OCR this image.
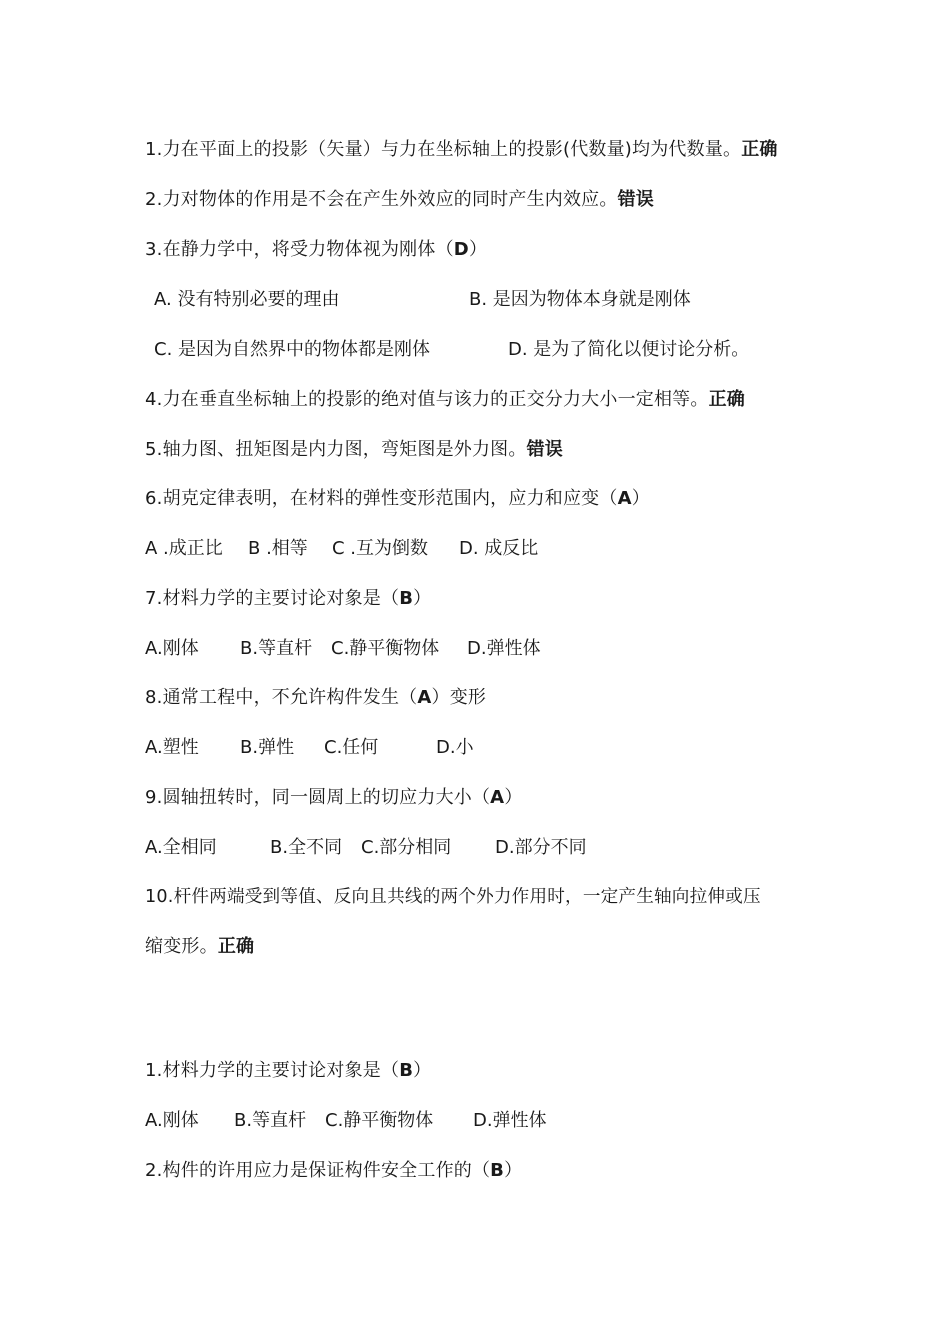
1.力在平面上的投影（矢量）与力在坐标轴上的投影(代数量)均为代数量。正确
2.力对物体的作用是不会在产生外效应的同时产生内效应。错误
3.在静力学中，将受力物体视为刚体（D）
A. 没有特别必要的理由	B. 是因为物体本身就是刚体
C. 是因为自然界中的物体都是刚体	D. 是为了简化以便讨论分析。
4.力在垂直坐标轴上的投影的绝对值与该力的正交分力大小一定相等。正确
5.轴力图、扭矩图是内力图，弯矩图是外力图。错误
6.胡克定律表明，在材料的弹性变形范围内，应力和应变（A）
A .成正比 B .相等 C .互为倒数 D. 成反比
7.材料力学的主要讨论对象是（B）
A.刚体 B.等直杆 C.静平衡物体 D.弹性体
8.通常工程中，不允许构件发生（A）变形
A.塑性 B.弹性 C.任何	D.小
9.圆轴扭转时，同一圆周上的切应力大小（A）
A.全相同	B.全不同 C.部分相同 D.部分不同
10.杆件两端受到等值、反向且共线的两个外力作用时，一定产生轴向拉伸或压
缩变形。正确
1.材料力学的主要讨论对象是（B）
A.刚体 B.等直杆 C.静平衡物体 D.弹性体
2.构件的许用应力是保证构件安全工作的（B）
